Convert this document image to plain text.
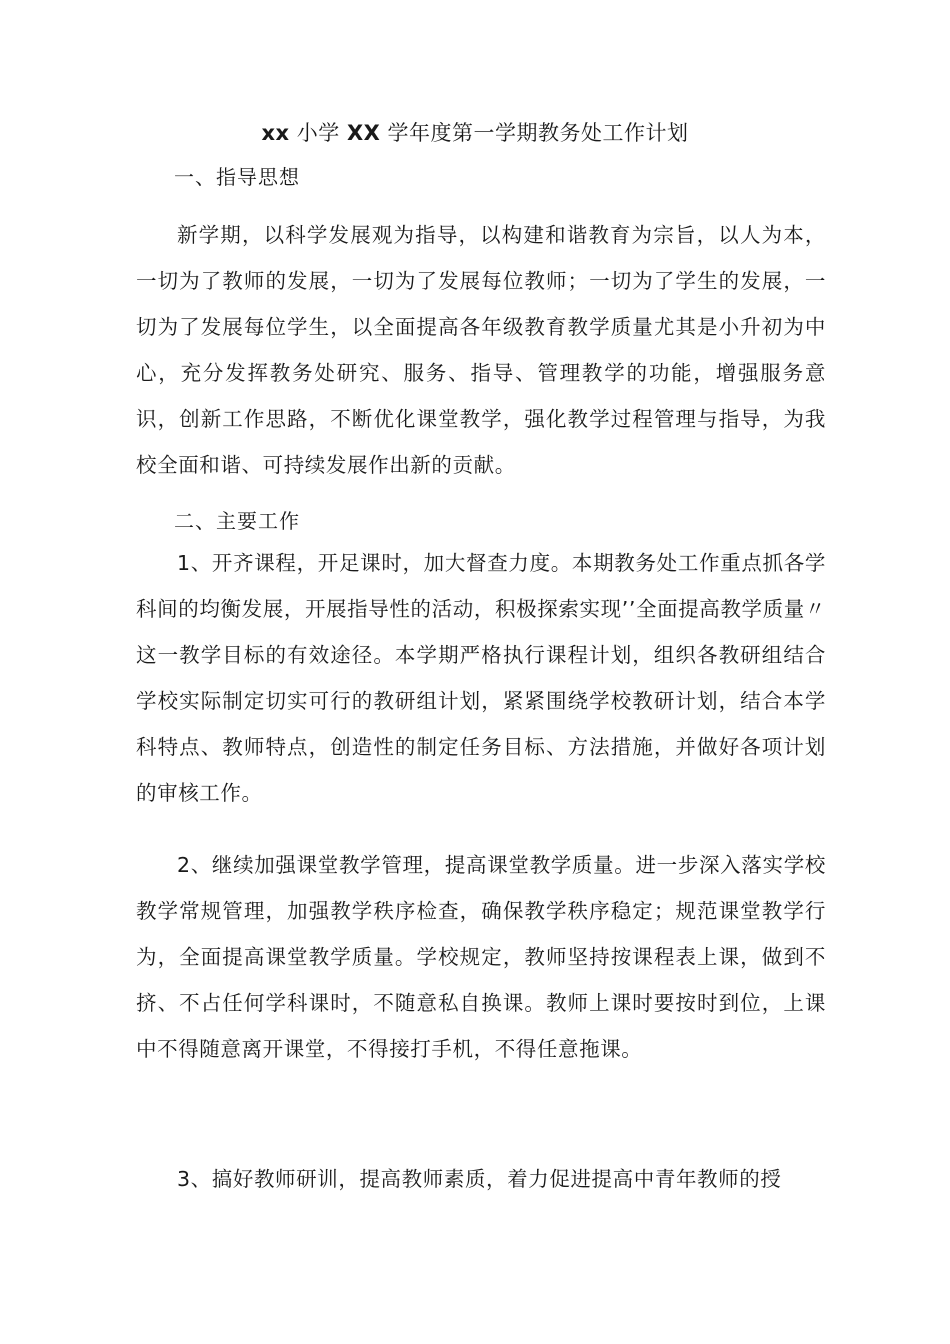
xx 小学 XX 学年度第一学期教务处工作计划
一、指导思想
新学期，以科学发展观为指导，以构建和谐教育为宗旨，以人为本，一切为了教师的发展，一切为了发展每位教师；一切为了学生的发展，一切为了发展每位学生，以全面提高各年级教育教学质量尤其是小升初为中心，充分发挥教务处研究、服务、指导、管理教学的功能，增强服务意识，创新工作思路，不断优化课堂教学，强化教学过程管理与指导，为我校全面和谐、可持续发展作出新的贡献。
二、主要工作
1、开齐课程，开足课时，加大督查力度。本期教务处工作重点抓各学科间的均衡发展，开展指导性的活动，积极探索实现’’全面提高教学质量〃这一教学目标的有效途径。本学期严格执行课程计划，组织各教研组结合学校实际制定切实可行的教研组计划，紧紧围绕学校教研计划，结合本学科特点、教师特点，创造性的制定任务目标、方法措施，并做好各项计划的审核工作。
2、继续加强课堂教学管理，提高课堂教学质量。进一步深入落实学校教学常规管理，加强教学秩序检查，确保教学秩序稳定；规范课堂教学行为，全面提高课堂教学质量。学校规定，教师坚持按课程表上课，做到不挤、不占任何学科课时，不随意私自换课。教师上课时要按时到位，上课中不得随意离开课堂，不得接打手机，不得任意拖课。
3、搞好教师研训，提高教师素质，着力促进提高中青年教师的授
